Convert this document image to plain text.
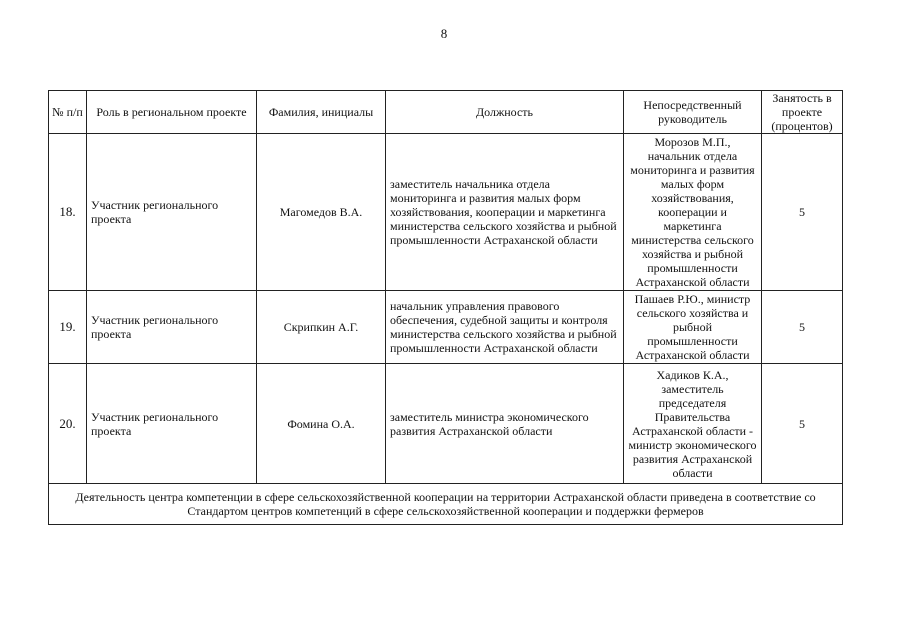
8
№ п/п	Роль в региональном проекте	Фамилия, инициалы	Должность	Непосредственный руководитель	Занятость в проекте (процентов)
18.	Участник регионального проекта	Магомедов В.А.	заместитель начальника отдела мониторинга и развития малых форм хозяйствования, кооперации и маркетинга министерства сельского хозяйства и рыбной промышленности Астраханской области	Морозов М.П., начальник отдела мониторинга и развития малых форм хозяйствования, кооперации и маркетинга министерства сельского хозяйства и рыбной промышленности Астраханской области	5
19.	Участник регионального проекта	Скрипкин А.Г.	начальник управления правового обеспечения, судебной защиты и контроля министерства сельского хозяйства и рыбной промышленности Астраханской области	Пашаев Р.Ю., министр сельского хозяйства и рыбной промышленности Астраханской области	5
20.	Участник регионального проекта	Фомина О.А.	заместитель министра экономического развития Астраханской области	Хадиков К.А., заместитель председателя Правительства Астраханской области - министр экономического развития Астраханской области	5
Деятельность центра компетенции в сфере сельскохозяйственной кооперации на территории Астраханской области приведена в соответствие со Стандартом центров компетенций в сфере сельскохозяйственной кооперации и поддержки фермеров					
